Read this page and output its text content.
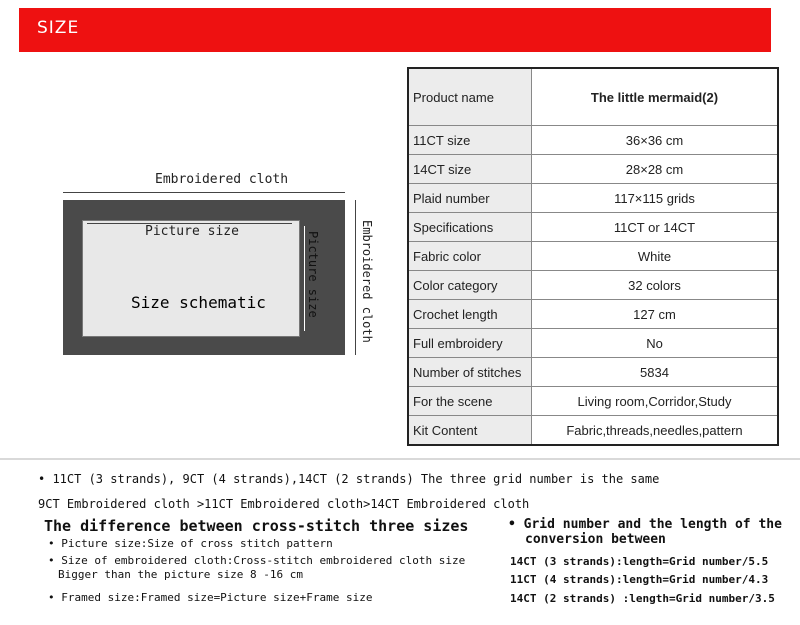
SIZE
Embroidered cloth
Picture size
Size schematic	Picture size	Embroidered cloth
Product name	The little mermaid(2)
11CT size	36×36 cm
14CT size	28×28 cm
Plaid number	117×115 grids
Specifications	11CT or 14CT
Fabric color	White
Color category	32 colors
Crochet length	127 cm
Full embroidery	No
Number of stitches	5834
For the scene	Living room,Corridor,Study
Kit Content	Fabric,threads,needles,pattern
• 11CT (3 strands), 9CT (4 strands),14CT (2 strands) The three grid number is the same
9CT Embroidered cloth >11CT Embroidered cloth>14CT Embroidered cloth
The difference between cross-stitch three sizes
• Picture size:Size of cross stitch pattern
• Size of embroidered cloth:Cross-stitch embroidered cloth size
Bigger than the picture size 8 -16 cm
• Framed size:Framed size=Picture size+Frame size
• Grid number and the length of the
conversion between
14CT (3 strands):length=Grid number/5.5
11CT (4 strands):length=Grid number/4.3
14CT (2 strands) :length=Grid number/3.5
